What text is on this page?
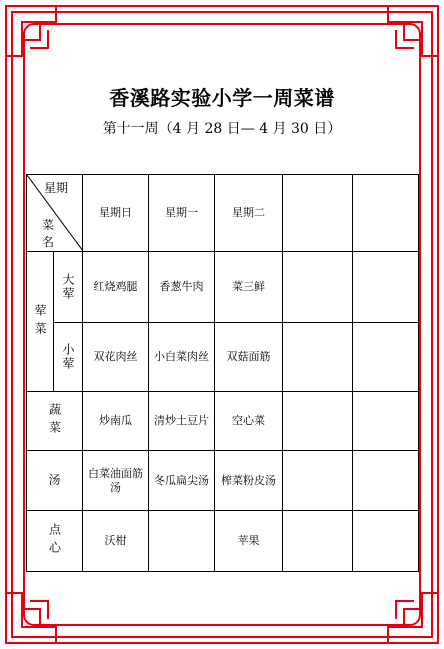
香溪路实验小学一周菜谱
第十一周（4 月 28 日— 4 月 30 日）
星期
菜名		星期日	星期一	星期二		

荤菜	大荤	红烧鸡腿	香葱牛肉	菜三鲜		

	小荤	双花肉丝	小白菜肉丝	双菇面筋		

蔬菜		炒南瓜	清炒土豆片	空心菜		
汤		白菜油面筋汤	冬瓜扁尖汤	榨菜粉皮汤		

点心		沃柑		苹果		
